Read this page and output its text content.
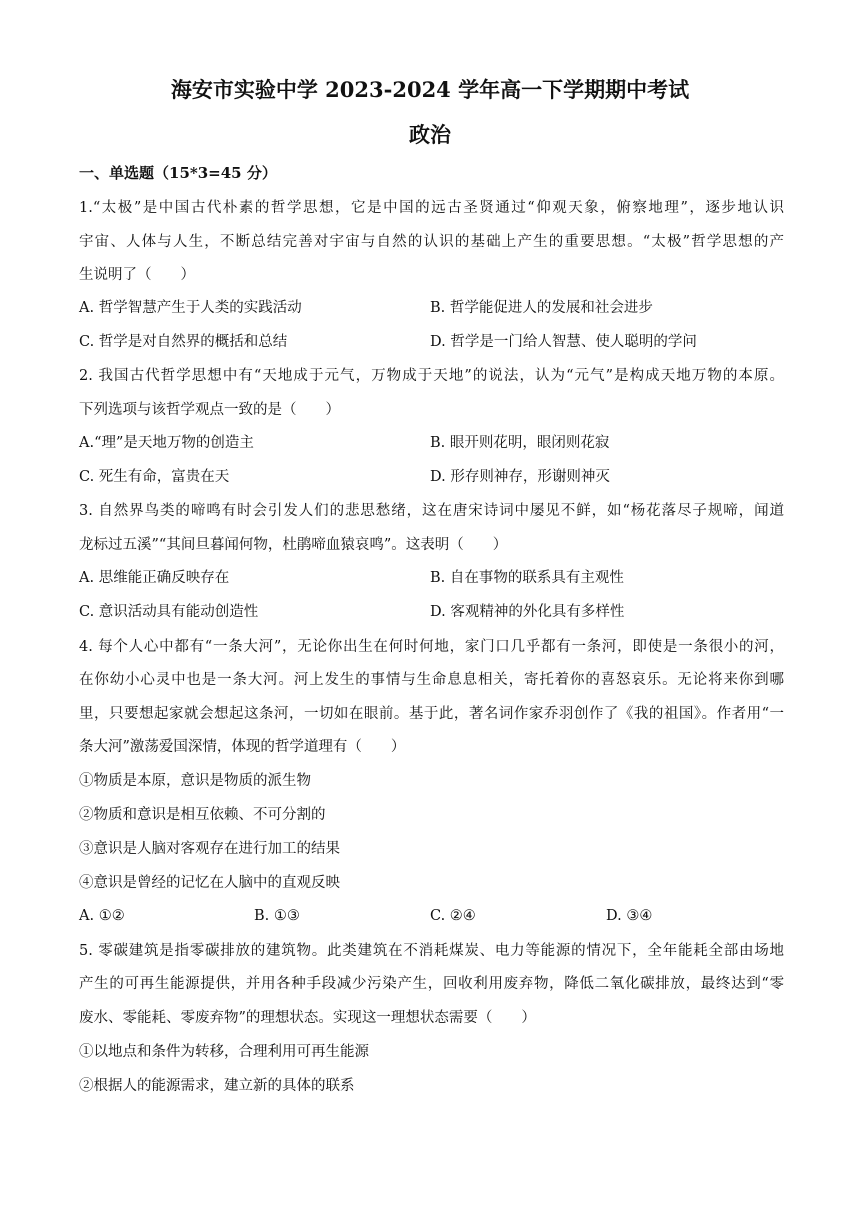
海安市实验中学 2023-2024 学年高一下学期期中考试
政治
一、单选题（15*3=45 分）
1.“太极”是中国古代朴素的哲学思想，它是中国的远古圣贤通过“仰观天象，俯察地理”，逐步地认识
宇宙、人体与人生，不断总结完善对宇宙与自然的认识的基础上产生的重要思想。“太极”哲学思想的产
生说明了（　　）
A. 哲学智慧产生于人类的实践活动	B. 哲学能促进人的发展和社会进步
C. 哲学是对自然界的概括和总结	D. 哲学是一门给人智慧、使人聪明的学问
2. 我国古代哲学思想中有“天地成于元气，万物成于天地”的说法，认为“元气”是构成天地万物的本原。
下列选项与该哲学观点一致的是（　　）
A.“理”是天地万物的创造主	B. 眼开则花明，眼闭则花寂
C. 死生有命，富贵在天	D. 形存则神存，形谢则神灭
3. 自然界鸟类的啼鸣有时会引发人们的悲思愁绪，这在唐宋诗词中屡见不鲜，如“杨花落尽子规啼，闻道
龙标过五溪”“其间旦暮闻何物，杜鹃啼血猿哀鸣”。这表明（　　）
A. 思维能正确反映存在	B. 自在事物的联系具有主观性
C. 意识活动具有能动创造性	D. 客观精神的外化具有多样性
4. 每个人心中都有“一条大河”，无论你出生在何时何地，家门口几乎都有一条河，即使是一条很小的河，
在你幼小心灵中也是一条大河。河上发生的事情与生命息息相关，寄托着你的喜怒哀乐。无论将来你到哪
里，只要想起家就会想起这条河，一切如在眼前。基于此，著名词作家乔羽创作了《我的祖国》。作者用“一
条大河”激荡爱国深情，体现的哲学道理有（　　）
①物质是本原，意识是物质的派生物
②物质和意识是相互依赖、不可分割的
③意识是人脑对客观存在进行加工的结果
④意识是曾经的记忆在人脑中的直观反映
A. ①②	B. ①③	C. ②④	D. ③④
5. 零碳建筑是指零碳排放的建筑物。此类建筑在不消耗煤炭、电力等能源的情况下，全年能耗全部由场地
产生的可再生能源提供，并用各种手段减少污染产生，回收利用废弃物，降低二氧化碳排放，最终达到“零
废水、零能耗、零废弃物”的理想状态。实现这一理想状态需要（　　）
①以地点和条件为转移，合理利用可再生能源
②根据人的能源需求，建立新的具体的联系
